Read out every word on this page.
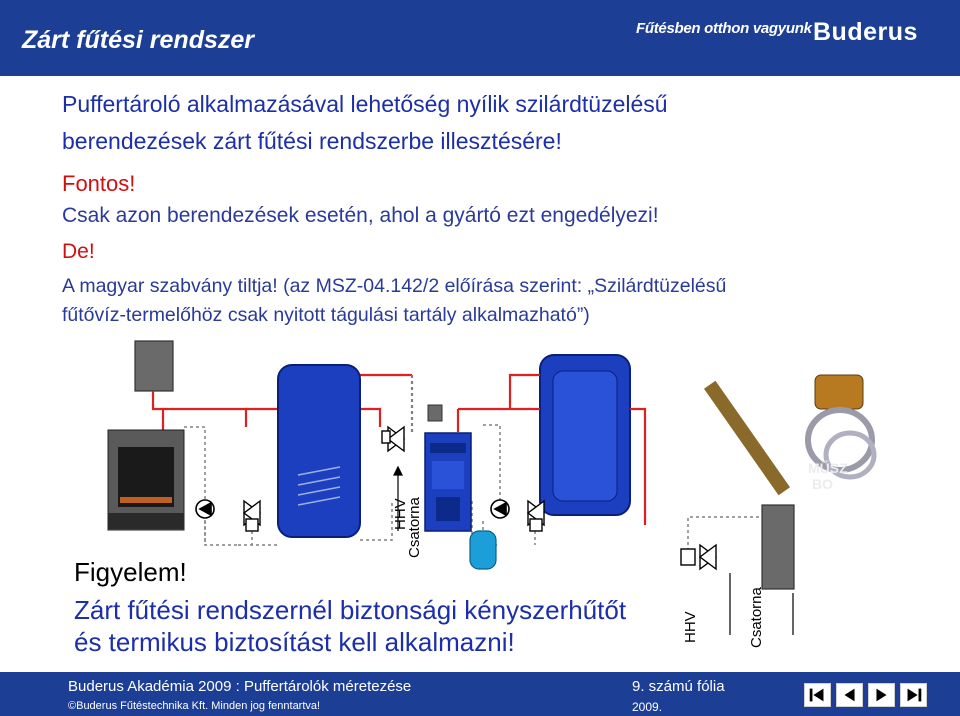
Zárt fűtési rendszer	Fűtésben otthon vagyunk Buderus
Puffertároló alkalmazásával lehetőség nyílik szilárdtüzelésű
berendezések zárt fűtési rendszerbe illesztésére!
Fontos!
Csak azon berendezések esetén, ahol a gyártó ezt engedélyezi!
De!
A magyar szabvány tiltja! (az MSZ-04.142/2 előírása szerint: „Szilárdtüzelésű
fűtővíz-termelőhöz csak nyitott tágulási tartály alkalmazható”)
MŰSZ
BO
HHV
Csatorna
HHV	Csatorna
Figyelem!
Zárt fűtési rendszernél biztonsági kényszerhűtőt
és termikus biztosítást kell alkalmazni!
Buderus Akadémia 2009 : Puffertárolók méretezése	9. számú fólia
©Buderus Fűtéstechnika Kft. Minden jog fenntartva!	2009.
